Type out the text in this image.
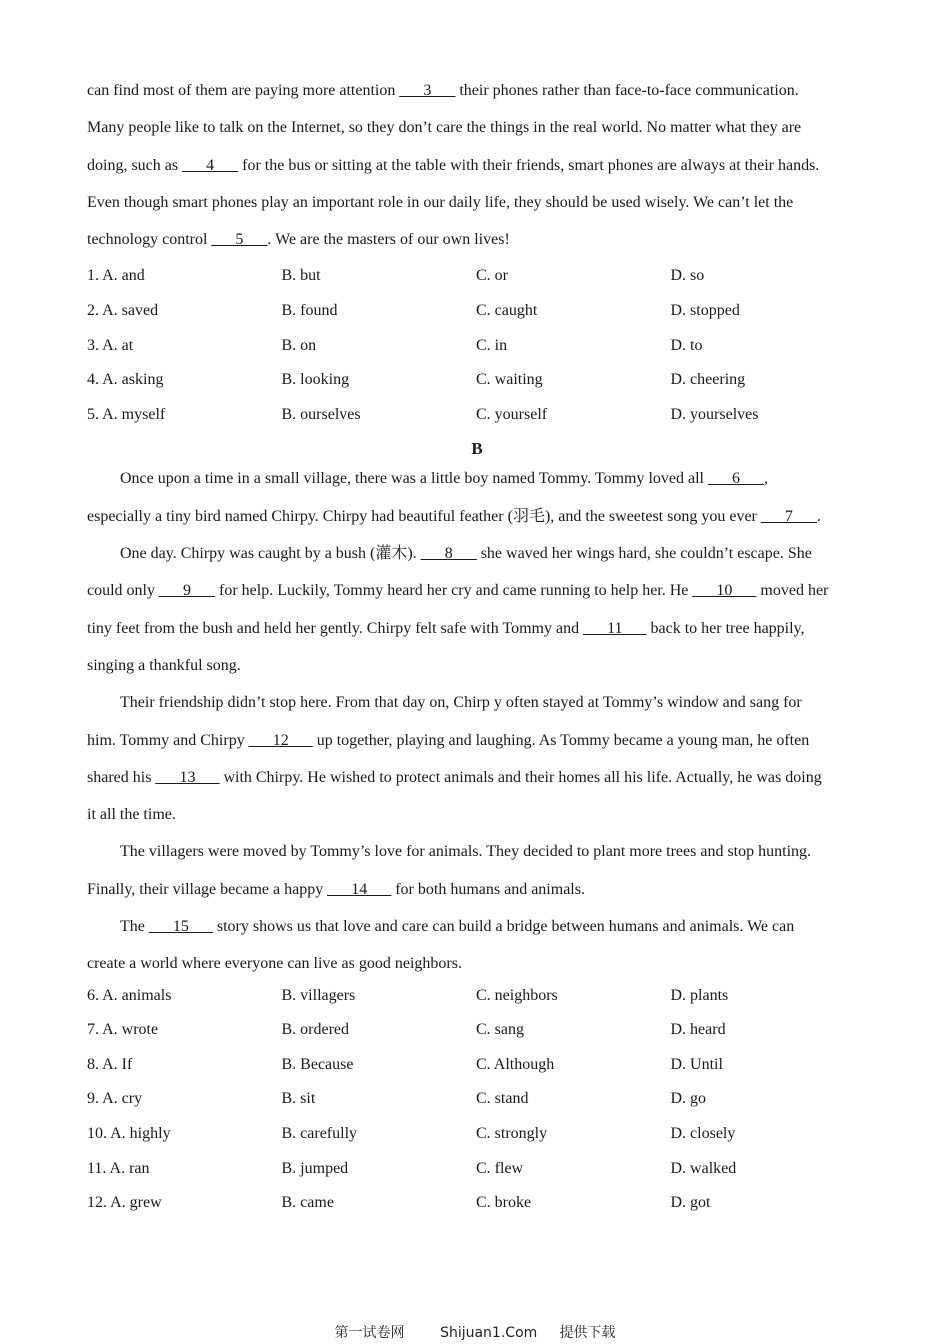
can find most of them are paying more attention ___3___ their phones rather than face-to-face communication.
Many people like to talk on the Internet, so they don’t care the things in the real world. No matter what they are
doing, such as ___4___ for the bus or sitting at the table with their friends, smart phones are always at their hands.
Even though smart phones play an important role in our daily life, they should be used wisely. We can’t let the
technology control ___5___. We are the masters of our own lives!
1. A. and	B. but	C. or	D. so
2. A. saved	B. found	C. caught	D. stopped
3. A. at	B. on	C. in	D. to
4. A. asking	B. looking	C. waiting	D. cheering
5. A. myself	B. ourselves	C. yourself	D. yourselves
B
Once upon a time in a small village, there was a little boy named Tommy. Tommy loved all ___6___,
especially a tiny bird named Chirpy. Chirpy had beautiful feather (羽毛), and the sweetest song you ever ___7___.
One day. Chirpy was caught by a bush (灌木). ___8___ she waved her wings hard, she couldn’t escape. She
could only ___9___ for help. Luckily, Tommy heard her cry and came running to help her. He ___10___ moved her
tiny feet from the bush and held her gently. Chirpy felt safe with Tommy and ___11___ back to her tree happily,
singing a thankful song.
Their friendship didn’t stop here. From that day on, Chirp y often stayed at Tommy’s window and sang for
him. Tommy and Chirpy ___12___ up together, playing and laughing. As Tommy became a young man, he often
shared his ___13___ with Chirpy. He wished to protect animals and their homes all his life. Actually, he was doing
it all the time.
The villagers were moved by Tommy’s love for animals. They decided to plant more trees and stop hunting.
Finally, their village became a happy ___14___ for both humans and animals.
The ___15___ story shows us that love and care can build a bridge between humans and animals. We can
create a world where everyone can live as good neighbors.
6. A. animals	B. villagers	C. neighbors	D. plants
7. A. wrote	B. ordered	C. sang	D. heard
8. A. If	B. Because	C. Although	D. Until
9. A. cry	B. sit	C. stand	D. go
10. A. highly	B. carefully	C. strongly	D. closely
11. A. ran	B. jumped	C. flew	D. walked
12. A. grew	B. came	C. broke	D. got
第一试卷网        Shijuan1.Com     提供下载
